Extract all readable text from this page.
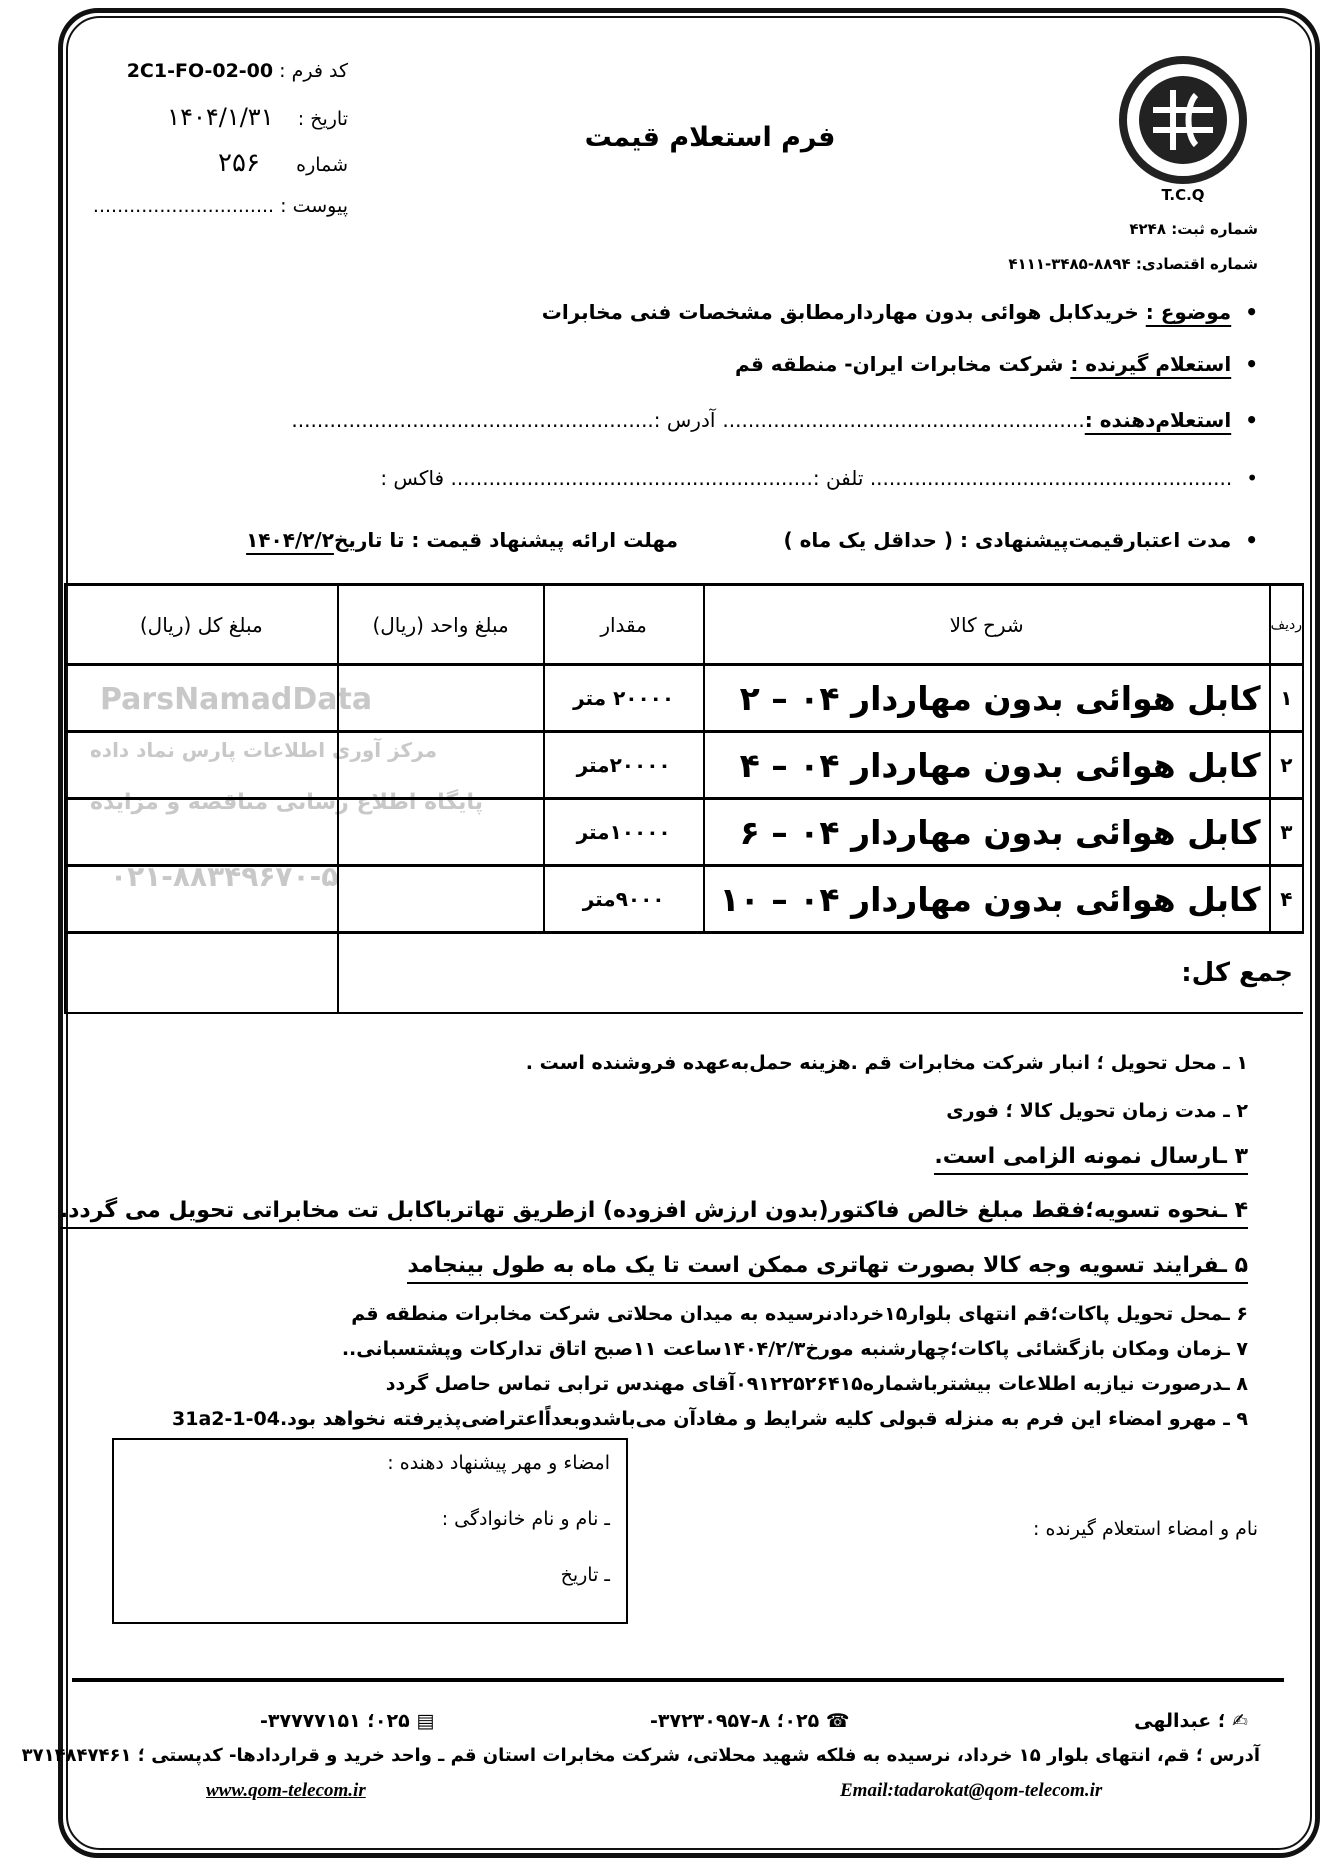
T.C.Q
فرم استعلام قیمت
کد فرم : 2C1-FO-02-00
تاریخ :    ۱۴۰۴/۱/۳۱
شماره      ۲۵۶
پیوست : ..............................
شماره ثبت: ۴۲۴۸
شماره اقتصادی: ۸۸۹۴-۳۴۸۵-۴۱۱۱
• موضوع : خریدکابل هوائی بدون مهاردارمطابق مشخصات فنی مخابرات
• استعلام گیرنده : شرکت مخابرات ایران- منطقه قم
• استعلام‌دهنده :......................................................... آدرس :.........................................................
• ......................................................... تلفن :......................................................... فاکس :
• مدت اعتبارقیمت‌پیشنهادی : ( حداقل یک ماه )
مهلت ارائه پیشنهاد قیمت : تا تاریخ۱۴۰۴/۲/۲
ParsNamadData
مرکز آوری اطلاعات پارس نماد داده
پایگاه اطلاع رسانی مناقصه و مزایده
۰۲۱-۸۸۳۴۹۶۷۰-۵
ردیف	شرح کالا	مقدار	مبلغ واحد (ریال)	مبلغ کل (ریال)
۱	کابل هوائی بدون مهاردار ۰۴ – ۲	۲۰۰۰۰ متر		
۲	کابل هوائی بدون مهاردار ۰۴ – ۴	۲۰۰۰۰متر		
۳	کابل هوائی بدون مهاردار ۰۴ – ۶	۱۰۰۰۰متر		
۴	کابل هوائی بدون مهاردار ۰۴ – ۱۰	۹۰۰۰متر		
جمع کل:				
۱ ـ محل تحویل ؛ انبار شرکت مخابرات قم .هزینه حمل‌به‌عهده فروشنده است .
۲ ـ مدت زمان تحویل کالا ؛ فوری
۳ ـارسال نمونه الزامی است.
۴ ـنحوه تسویه؛فقط مبلغ خالص فاکتور(بدون ارزش افزوده) ازطریق تهاترباکابل تت مخابراتی تحویل می گردد.
۵ ـفرایند تسویه وجه کالا بصورت تهاتری ممکن است تا یک ماه به طول بینجامد
۶ ـمحل تحویل پاکات؛قم انتهای بلوار۱۵خردادنرسیده به میدان محلاتی شرکت مخابرات منطقه قم
۷ ـزمان ومکان بازگشائی پاکات؛چهارشنبه مورخ۱۴۰۴/۲/۳ساعت ۱۱صبح اتاق تدارکات وپشتسبانی..
۸ ـدرصورت نیازبه اطلاعات بیشترباشماره۰۹۱۲۲۵۲۶۴۱۵آقای مهندس ترابی تماس حاصل گردد
۹ ـ مهرو امضاء این فرم به منزله قبولی کلیه شرایط و مفادآن می‌باشدوبعداًاعتراضی‌پذیرفته نخواهد بود.04-1-31a2
امضاء و مهر پیشنهاد دهنده :
ـ نام و نام خانوادگی :
ـ تاریخ
نام و امضاء استعلام گیرنده :
✍ ؛ عبدالهی
☎ ۰۲۵؛ ۸-۳۷۲۳۰۹۵۷-
▤ ۰۲۵؛ ۳۷۷۷۷۱۵۱-
آدرس ؛ قم، انتهای بلوار ۱۵ خرداد، نرسیده به فلکه شهید محلاتی، شرکت مخابرات استان قم ـ واحد خرید و قراردادها- کدپستی ؛ ۳۷۱۴۸۴۷۴۶۱
Email:tadarokat@qom-telecom.ir
www.qom-telecom.ir
